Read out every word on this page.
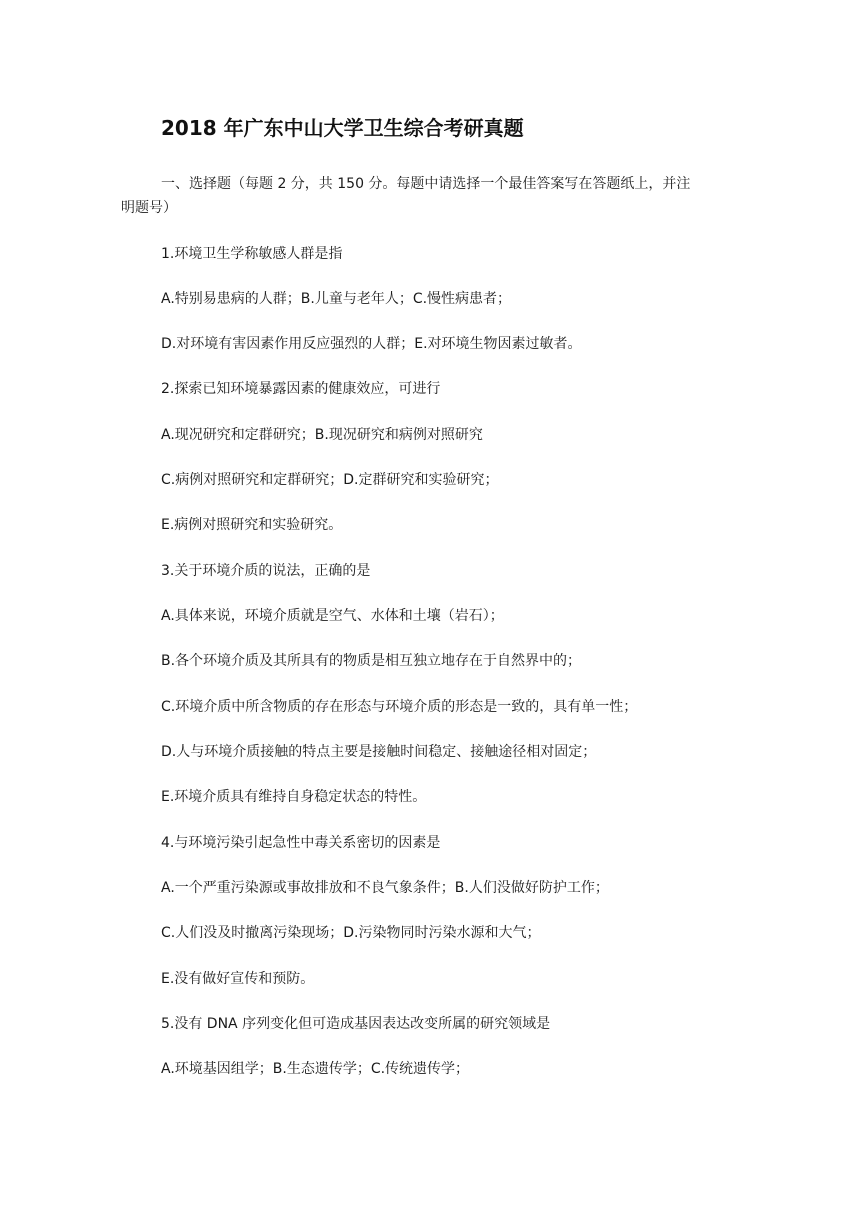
2018 年广东中山大学卫生综合考研真题

一、选择题（每题 2 分，共 150 分。每题中请选择一个最佳答案写在答题纸上，并注
明题号）

1.环境卫生学称敏感人群是指

A.特别易患病的人群；B.儿童与老年人；C.慢性病患者；

D.对环境有害因素作用反应强烈的人群；E.对环境生物因素过敏者。

2.探索已知环境暴露因素的健康效应，可进行

A.现况研究和定群研究；B.现况研究和病例对照研究

C.病例对照研究和定群研究；D.定群研究和实验研究；

E.病例对照研究和实验研究。

3.关于环境介质的说法，正确的是

A.具体来说，环境介质就是空气、水体和土壤（岩石）；

B.各个环境介质及其所具有的物质是相互独立地存在于自然界中的；

C.环境介质中所含物质的存在形态与环境介质的形态是一致的，具有单一性；

D.人与环境介质接触的特点主要是接触时间稳定、接触途径相对固定；

E.环境介质具有维持自身稳定状态的特性。

4.与环境污染引起急性中毒关系密切的因素是

A.一个严重污染源或事故排放和不良气象条件；B.人们没做好防护工作；

C.人们没及时撤离污染现场；D.污染物同时污染水源和大气；

E.没有做好宣传和预防。

5.没有 DNA 序列变化但可造成基因表达改变所属的研究领域是

A.环境基因组学；B.生态遗传学；C.传统遗传学；
